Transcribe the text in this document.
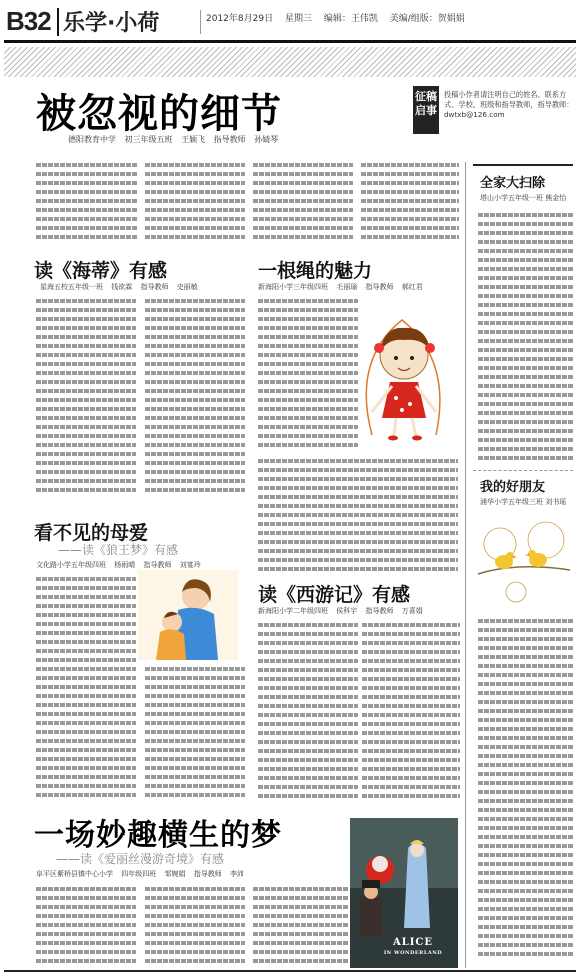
B32 乐学·小荷	2012年8月29日 星期三 编辑：王伟凯 美编/组版：贺娟娟
被忽视的细节
德阳教育中学 初三年级五班 王颖飞 指导教师 孙婧琴
征稿
启事
投稿小作者请注明自己的姓名、联系方式、学校、班级和指导教师，指导教师：
dwtxb@126.com
读《海蒂》有感
星海五校五年级一班 钱欲霖 指导教师 史丽敏
一根绳的魅力
新海阳小学三年级四班 毛丽瑜 指导教师 郝红君
看不见的母爱
——读《狼王梦》有感
文化路小学五年级四班 杨雨晴 指导教师 刘宴玲
读《西游记》有感
新海阳小学二年级四班 侯科宇 指导教师 万喜娟
一场妙趣横生的梦
——读《爱丽丝漫游奇境》有感
阜平区紫桥县镇中心小学 四年级四班 邹婉娟 指导教师 李沛
ALICE
IN WONDERLAND
全家大扫除
塔山小学五年级一班 熊金怡
我的好朋友
浦华小学五年级三班 刘书瑶
